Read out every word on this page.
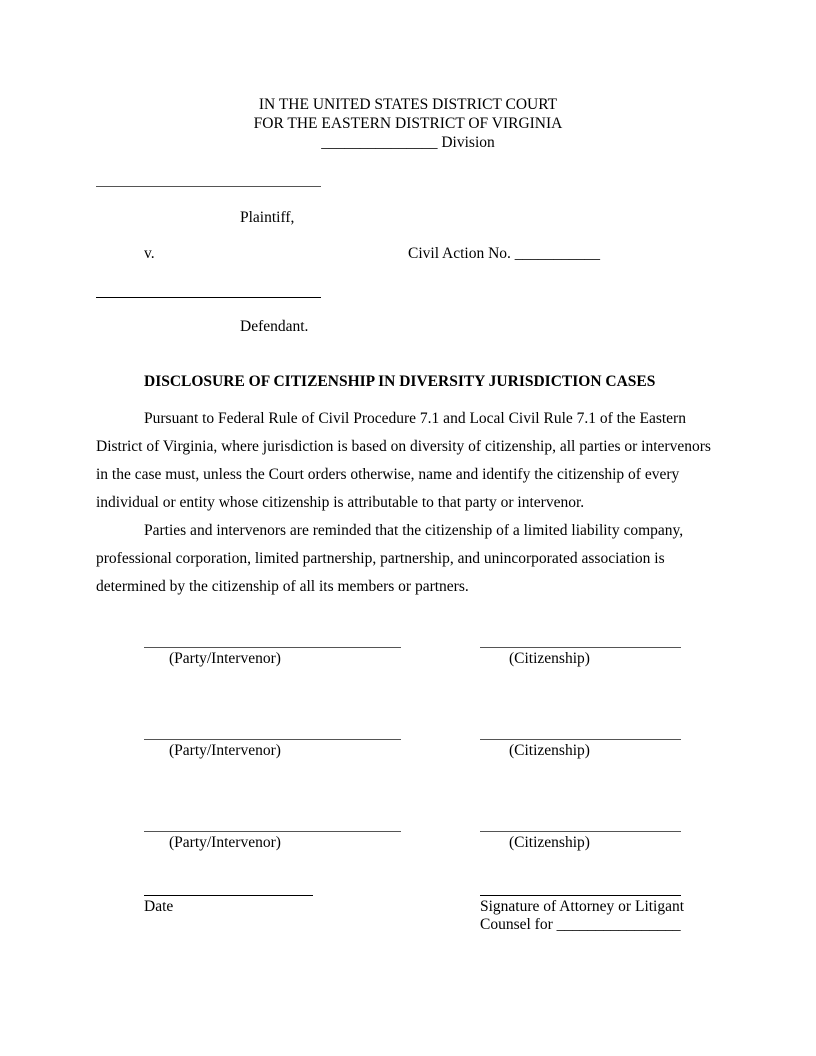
IN THE UNITED STATES DISTRICT COURT
FOR THE EASTERN DISTRICT OF VIRGINIA
_______________ Division
Plaintiff,
v.	Civil Action No. ___________
Defendant.
DISCLOSURE OF CITIZENSHIP IN DIVERSITY JURISDICTION CASES
Pursuant to Federal Rule of Civil Procedure 7.1 and Local Civil Rule 7.1 of the Eastern District of Virginia, where jurisdiction is based on diversity of citizenship, all parties or intervenors in the case must, unless the Court orders otherwise, name and identify the citizenship of every individual or entity whose citizenship is attributable to that party or intervenor.
Parties and intervenors are reminded that the citizenship of a limited liability company, professional corporation, limited partnership, partnership, and unincorporated association is determined by the citizenship of all its members or partners.
(Party/Intervenor)	(Citizenship)
(Party/Intervenor)	(Citizenship)
(Party/Intervenor)	(Citizenship)
Date	Signature of Attorney or Litigant
Counsel for ________________
